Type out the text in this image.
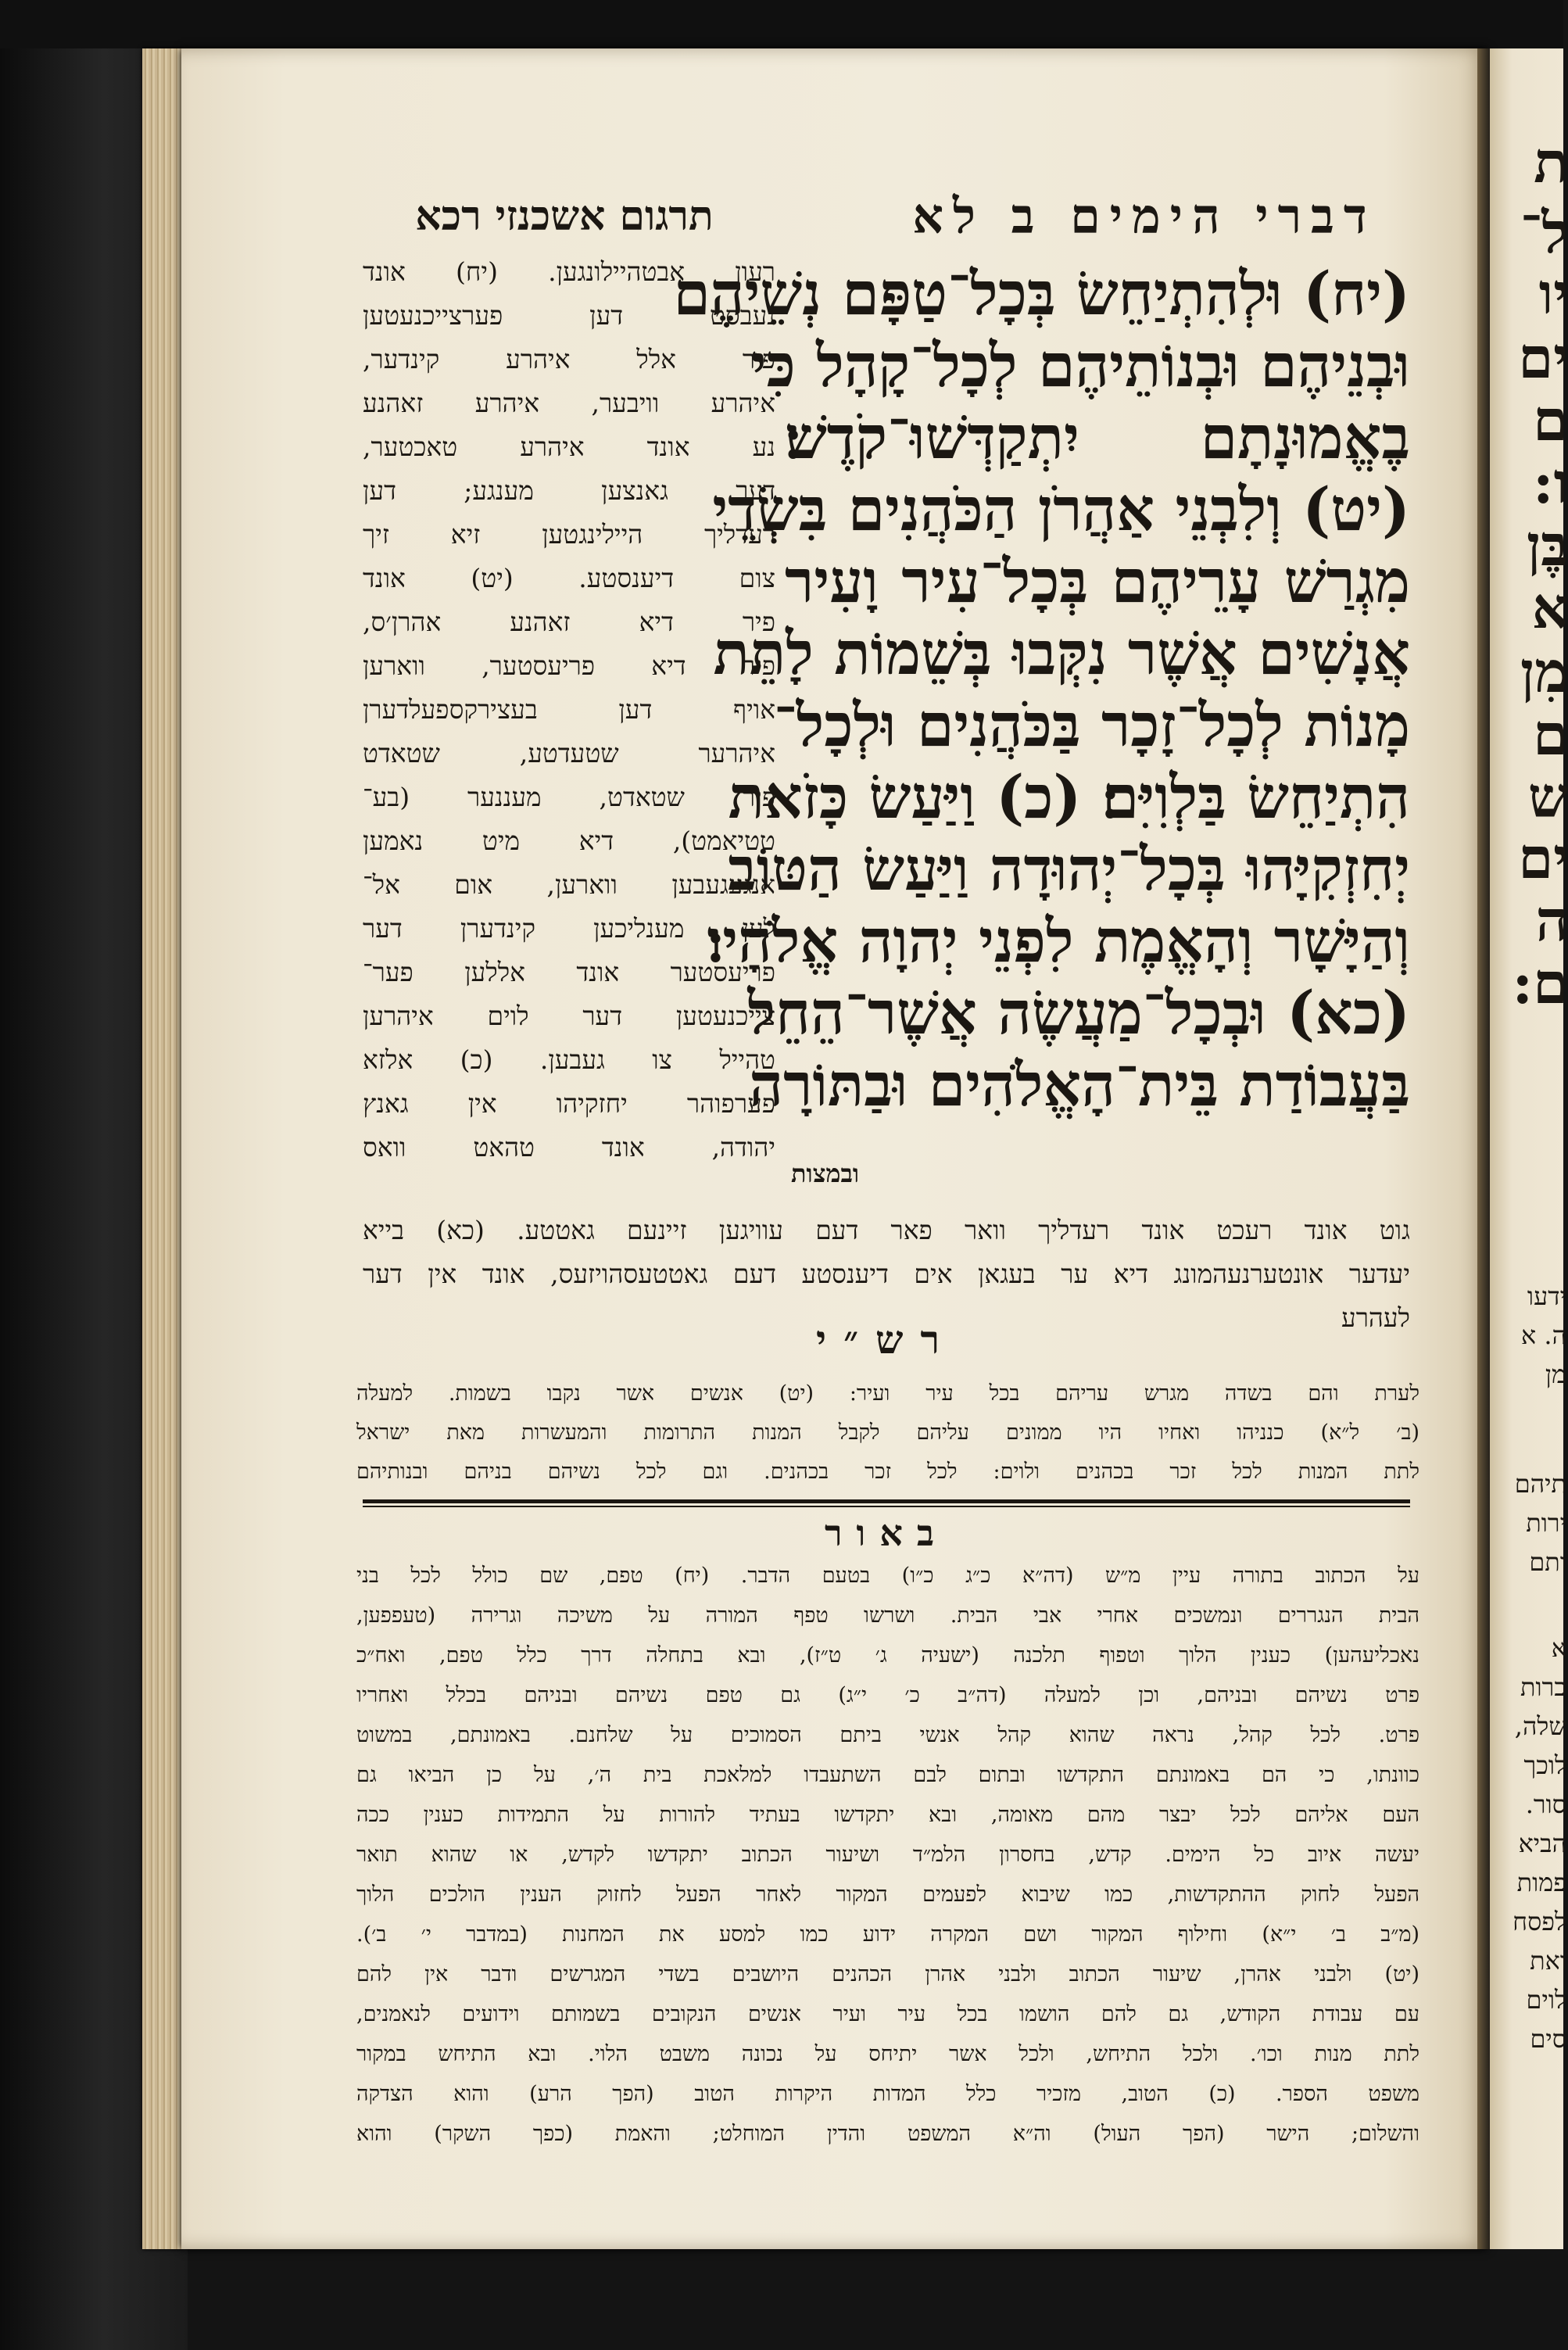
דברי הימים ב לא
תרגום אשכנזי רכא
(יח) וּלְהִתְיַחֵשׂ בְּכָל־טַפָּם נְשֵׁיהֶם
וּבְנֵיהֶם וּבְנוֹתֵיהֶם לְכָל־קָהָל כִּי
בֶאֱמוּנָתָם יִתְקַדְּשׁוּ־קֹדֶשׁ׃
(יט) וְלִבְנֵי אַהֲרֹן הַכֹּהֲנִים בִּשְׂדֵי
מִגְרַשׁ עָרֵיהֶם בְּכָל־עִיר וָעִיר
אֲנָשִׁים אֲשֶׁר נִקְּבוּ בְּשֵׁמוֹת לָתֵת
מָנוֹת לְכָל־זָכָר בַּכֹּהֲנִים וּלְכָל־
הִתְיַחֵשׂ בַּלְוִיִּם׃ (כ) וַיַּעַשׂ כָּזֹאת
יְחִזְקִיָּהוּ בְּכָל־יְהוּדָה וַיַּעַשׂ הַטּוֹב
וְהַיָּשָׁר וְהָאֱמֶת לִפְנֵי יְהוָה אֱלֹהָיו׃
(כא) וּבְכָל־מַעֲשֶׂה אֲשֶׁר־הֵחֵל
בַּעֲבוֹדַת בֵּית־הָאֱלֹהִים וּבַתּוֹרָה
ובמצות
רעון אבטהיילונגען. (יח) אונד
נעבסט דען פערצייכנעטען
פיר אלל איהרע קינדער,
איהרע וויבער, איהרע זאהנע
נע אונד איהרע טאכטער,
דער גאנצען מענגע; דען
רעדליך היילינגטען זיא זיך
צום דיענסטע. (יט) אונד
פיר דיא זאהנע אהרן׳ס,
פיר דיא פריעסטער, ווארען
אויף דען בעצירקספעלדערן
איהרער שטעדטע, שטאדט
פיר שטאדט, מעננער (בע־
טטיאמט), דיא מיט נאמען
אנגעגעבען ווארען, אום אל־
לען מענליכען קינדערן דער
פריעסטער אונד אללען פער־
צייכנעטען דער לוים איהרען
טהייל צו געבען. (כ) אלזא
פערפוהר יחזקיהו אין גאנץ
יהודה, אונד טהאט וואס
גוט אונד רעכט אונד רעדליך וואר פאר דעם עוויגען זיינעם גאטטע. (כא) בייא
יעדער אונטערנעהמונג דיא ער בעגאן אים דיענסטע דעם גאטטעסהויזעס, אונד אין דער
לעהרע
רש״י
לערת והם בשדה מגרש עריהם בכל עיר ועיר: (יט) אנשים אשר נקבו בשמות. למעלה
(ב׳ ל״א) כנניהו ואחיו היו ממונים עליהם לקבל המנות התרומות והמעשרות מאת ישראל
לתת המנות לכל זכר בכהנים ולוים: לכל זכר בכהנים. וגם לכל נשיהם בניהם ובנותיהם
באור
על הכתוב בתורה עיין מ״ש (דה״א כ״ג כ״ו) בטעם הדבר. (יח) טפם, שם כולל לכל בני
הבית הנגררים ונמשכים אחרי אבי הבית. ושרשו טפף המורה על משיכה וגרירה (טעפפען,
נאכליעהען) כענין הלוך וטפוף תלכנה (ישעיה ג׳ ט״ז), ובא בתחלה דרך כלל טפם, ואח״כ
פרט נשיהם ובניהם, וכן למעלה (דה״ב כ׳ י״ג) גם טפם נשיהם ובניהם בכלל ואחריו
פרט. לכל קהל, נראה שהוא קהל אנשי ביתם הסמוכים על שלחנם. באמונתם, במשוט
כוונתו, כי הם באמונתם התקדשו ובתום לבם השתעבדו למלאכת בית ה׳, על כן הביאו גם
העם אליהם לכל יבצר מהם מאומה, ובא יתקדשו בעתיד להורות על התמידות כענין ככה
יעשה איוב כל הימים. קדש, בחסרון הלמ״ד ושיעור הכתוב יתקדשו לקדש, או שהוא תואר
הפעל לחוק ההתקדשות, כמו שיבוא לפעמים המקור לאחר הפעל לחזוק הענין הולכים הלוך
(מ״ב ב׳ י״א) וחילוף המקור ושם המקרה ידוע כמו למסע את המחנות (במדבר י׳ ב׳).
(יט) ולבני אהרן, שיעור הכתוב ולבני אהרן הכהנים היושבים בשדי המגרשים ודבר אין להם
עם עבודת הקודש, גם להם הושמו בכל עיר ועיר אנשים הנקובים בשמותם וידועים לנאמנים,
לתת מנות וכו׳. ולכל התיחש, ולכל אשר יתיחס על נכונה משבט הלוי. ובא התיחש במקור
משפט הספר. (כ) הטוב, מזכיר כלל המדות היקרות הטוב (הפך הרע) והוא הצדקה
והשלום; הישר (הפך העול) וה״א המשפט והדין המוחלט; והאמת (כפך השקר) והוא
ת
ל־
יו
ים
ם
ו:
בֶּן
א
מִן
ם
ש
ים
ה
ם:
ידעו
ה. א
מן
תיהם
ירות
ותם
א
כרות
שלה,
לוכך
סור.
הביא
פמות
לפסח
ואת
לוים
סים
